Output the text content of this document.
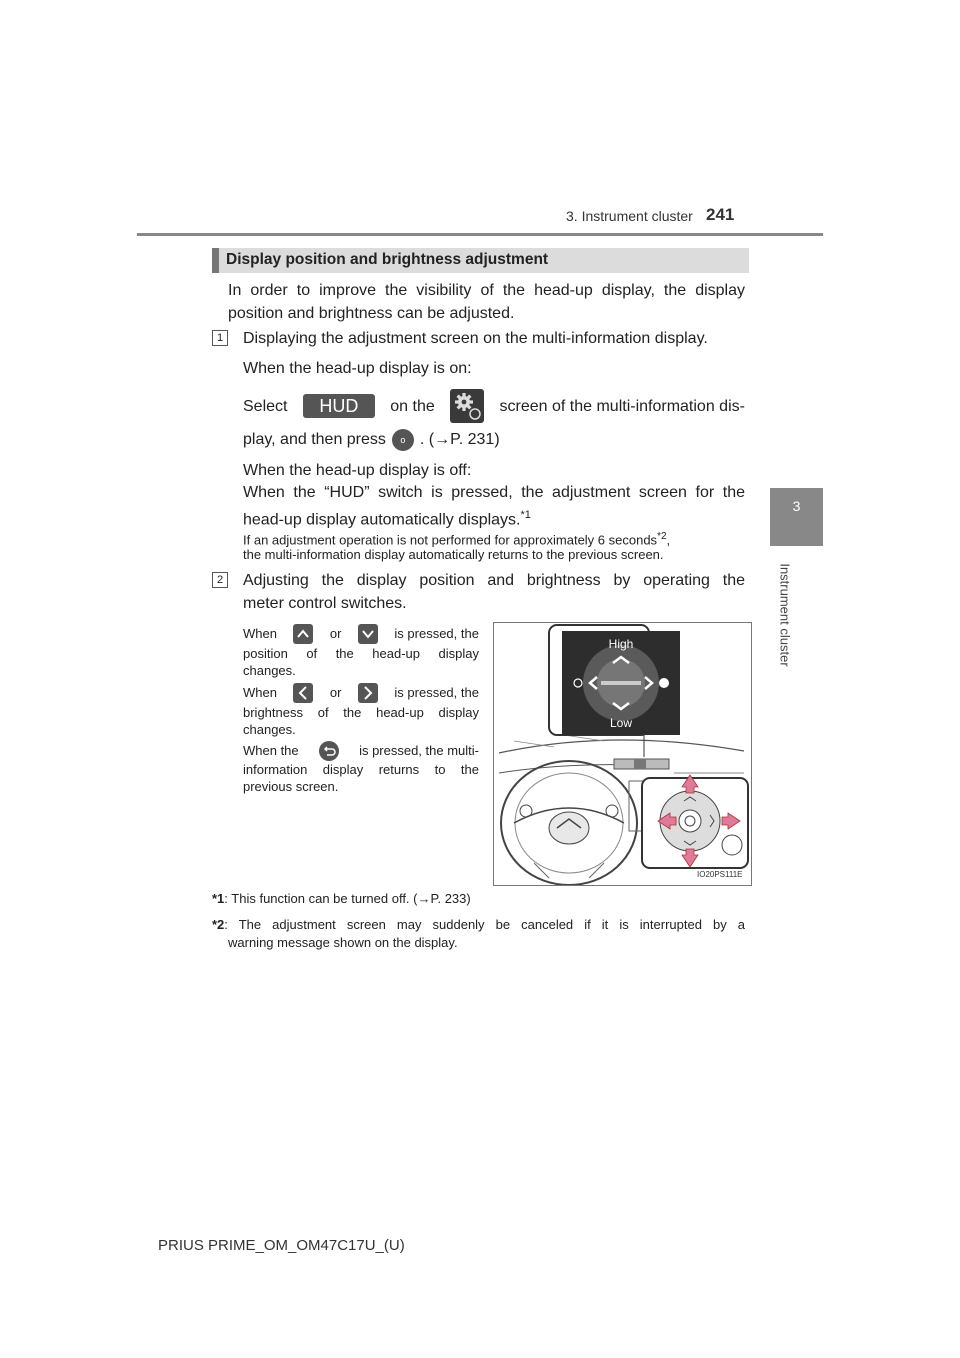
3. Instrument cluster 241
3
Instrument cluster
Display position and brightness adjustment
In order to improve the visibility of the head-up display, the display
position and brightness can be adjusted.
1	Displaying the adjustment screen on the multi-information display.
When the head-up display is on:
Select	HUD	on the	screen of the multi-information dis-
play, and then press	o . (→P. 231)
When the head-up display is off:
When the “HUD” switch is pressed, the adjustment screen for the
head-up display automatically displays.$^{*1}$
If an adjustment operation is not performed for approximately 6 seconds$^{*2}$,
the multi-information display automatically returns to the previous screen.
2	Adjusting the display position and brightness by operating the
meter control switches.
When	or	is pressed, the
position of the head-up display
changes.
When	or	is pressed, the
brightness of the head-up display
changes.
When the	is pressed, the multi-
information display returns to the
previous screen.
High
Low
IO20PS111E
*1: This function can be turned off. (→P. 233)
*2: The adjustment screen may suddenly be canceled if it is interrupted by a
warning message shown on the display.
PRIUS PRIME_OM_OM47C17U_(U)
